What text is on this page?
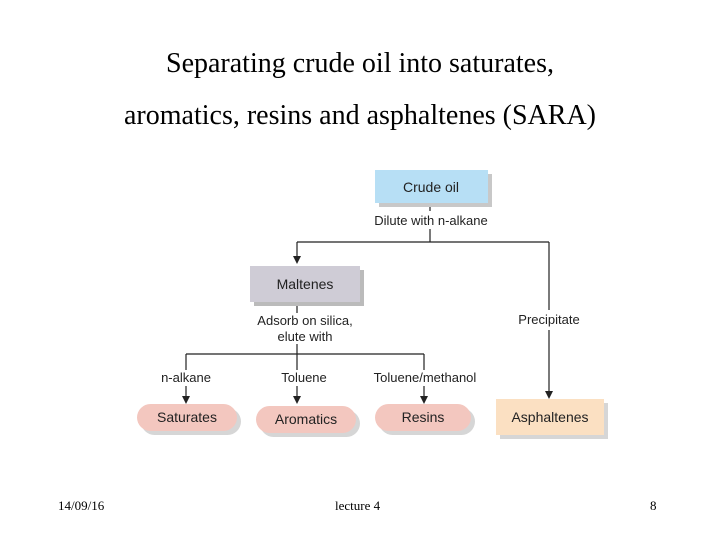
Separating crude oil into saturates,
aromatics, resins and asphaltenes (SARA)
Crude oil
Dilute with n-alkane
Maltenes
Adsorb on silica,
elute with
Precipitate
n-alkane	Toluene	Toluene/methanol
Saturates	Aromatics	Resins	Asphaltenes
14/09/16	lecture 4	8
